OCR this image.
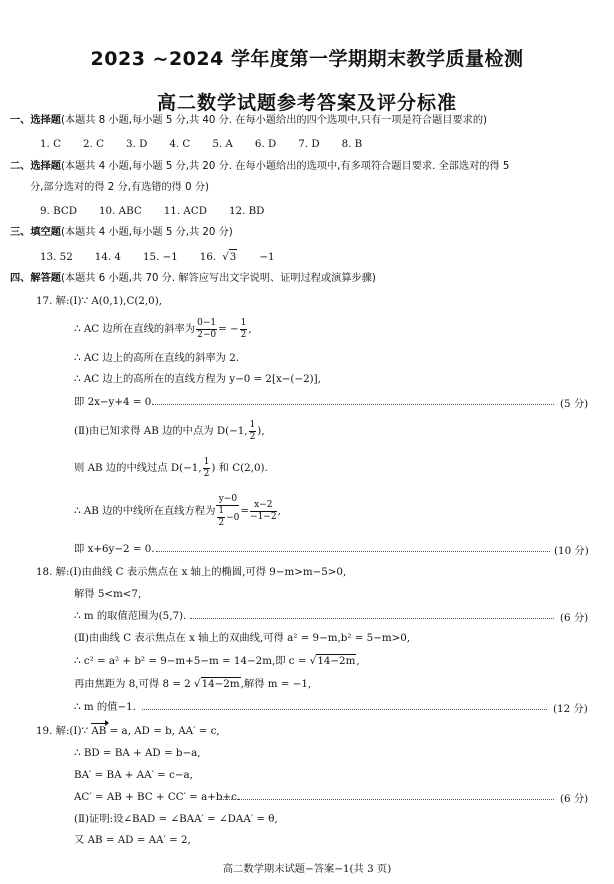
2023 ~2024 学年度第一学期期末教学质量检测
高二数学试题参考答案及评分标准
一、选择题(本题共 8 小题,每小题 5 分,共 40 分. 在每小题给出的四个选项中,只有一项是符合题目要求的)
1. C 2. C 3. D 4. C 5. A 6. D 7. D 8. B
二、选择题(本题共 4 小题,每小题 5 分,共 20 分. 在每小题给出的选项中,有多项符合题目要求. 全部选对的得 5
分,部分选对的得 2 分,有选错的得 0 分)
9. BCD 10. ABC 11. ACD 12. BD
三、填空题(本题共 4 小题,每小题 5 分,共 20 分)
13. 52 14. 4 15. −1 16. √3 −1
四、解答题(本题共 6 小题,共 70 分. 解答应写出文字说明、证明过程或演算步骤)
17. 解:(Ⅰ)∵ A(0,1),C(2,0),
∴ AC 边所在直线的斜率为 $\frac{0-1}{2-0}$ = − $\frac{1}{2}$ ,
∴ AC 边上的高所在直线的斜率为 2.
∴ AC 边上的高所在的直线方程为 y−0 = 2[x−(−2)],
即 2x−y+4 = 0.	(5 分)
(Ⅱ)由已知求得 AB 边的中点为 D(−1, $\frac{1}{2}$ ),
则 AB 边的中线过点 D(−1, $\frac{1}{2}$ ) 和 C(2,0).
∴ AB 边的中线所在直线方程为 $\frac{y-0}{\frac{1}{2} -0} = \frac{x-2}{-1-2}$ ,
即 x+6y−2 = 0.	(10 分)
18. 解:(Ⅰ)由曲线 C 表示焦点在 x 轴上的椭圆,可得 9−m>m−5>0,
解得 5<m<7,
∴ m 的取值范围为(5,7).	(6 分)
(Ⅱ)由曲线 C 表示焦点在 x 轴上的双曲线,可得 a² = 9−m,b² = 5−m>0,
∴ c² = a² + b² = 9−m+5−m = 14−2m,即 c = √14−2m,
再由焦距为 8,可得 8 = 2 √14−2m,解得 m = −1,
∴ m 的值−1.	(12 分)
19. 解:(Ⅰ)∵ AB = a, AD = b, AA′ = c,
∴ BD = BA + AD = b−a,
BA′ = BA + AA′ = c−a,
AC′ = AB + BC + CC′ = a+b+c.	(6 分)
(Ⅱ)证明:设∠BAD = ∠BAA′ = ∠DAA′ = θ,
又 AB = AD = AA′ = 2,
高二数学期末试题−答案−1(共 3 页)
